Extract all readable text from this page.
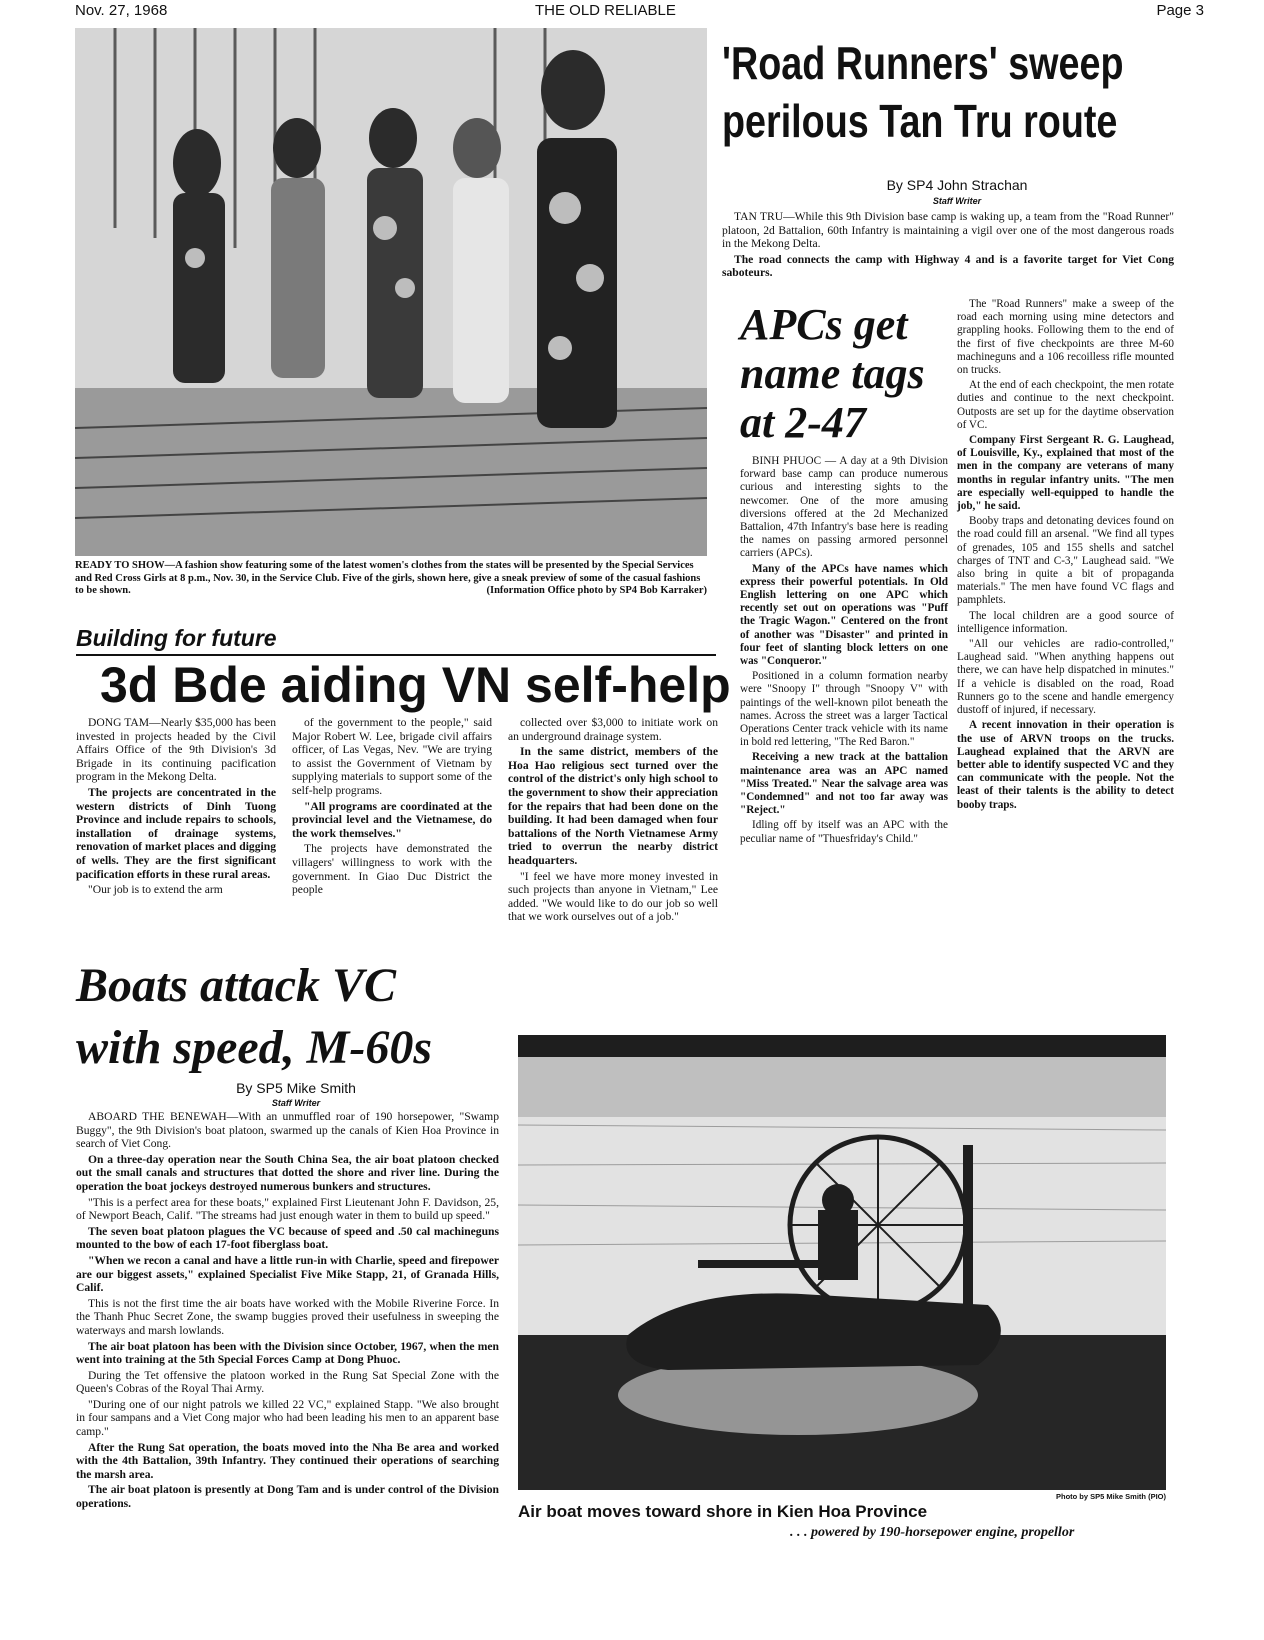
Nov. 27, 1968	THE OLD RELIABLE	Page 3
READY TO SHOW—A fashion show featuring some of the latest women's clothes from the states will be presented by the Special Services and Red Cross Girls at 8 p.m., Nov. 30, in the Service Club. Five of the girls, shown here, give a sneak preview of some of the casual fashions to be shown.	(Information Office photo by SP4 Bob Karraker)
'Road Runners' sweep
perilous Tan Tru route
By SP4 John Strachan
Staff Writer

TAN TRU—While this 9th Division base camp is waking up, a team from the "Road Runner" platoon, 2d Battalion, 60th Infantry is maintaining a vigil over one of the most dangerous roads in the Mekong Delta.

The road connects the camp with Highway 4 and is a favorite target for Viet Cong saboteurs.

The "Road Runners" make a sweep of the road each morning using mine detectors and grappling hooks. Following them to the end of the first of five checkpoints are three M-60 machineguns and a 106 recoilless rifle mounted on trucks.

At the end of each checkpoint, the men rotate duties and continue to the next checkpoint. Outposts are set up for the daytime observation of VC.

Company First Sergeant R. G. Laughead, of Louisville, Ky., explained that most of the men in the company are veterans of many months in regular infantry units. "The men are especially well-equipped to handle the job," he said.

Booby traps and detonating devices found on the road could fill an arsenal. "We find all types of grenades, 105 and 155 shells and satchel charges of TNT and C-3," Laughead said. "We also bring in quite a bit of propaganda materials." The men have found VC flags and pamphlets.

The local children are a good source of intelligence information.

"All our vehicles are radio-controlled," Laughead said. "When anything happens out there, we can have help dispatched in minutes." If a vehicle is disabled on the road, Road Runners go to the scene and handle emergency dustoff of injured, if necessary.

A recent innovation in their operation is the use of ARVN troops on the trucks. Laughead explained that the ARVN are better able to identify suspected VC and they can communicate with the people. Not the least of their talents is the ability to detect booby traps.

APCs get
name tags
at 2-47

BINH PHUOC — A day at a 9th Division forward base camp can produce numerous curious and interesting sights to the newcomer. One of the more amusing diversions offered at the 2d Mechanized Battalion, 47th Infantry's base here is reading the names on passing armored personnel carriers (APCs).

Many of the APCs have names which express their powerful potentials. In Old English lettering on one APC which recently set out on operations was "Puff the Tragic Wagon." Centered on the front of another was "Disaster" and printed in four feet of slanting block letters on one was "Conqueror."

Positioned in a column formation nearby were "Snoopy I" through "Snoopy V" with paintings of the well-known pilot beneath the names. Across the street was a larger Tactical Operations Center track vehicle with its name in bold red lettering, "The Red Baron."

Receiving a new track at the battalion maintenance area was an APC named "Miss Treated." Near the salvage area was "Condemned" and not too far away was "Reject."

Idling off by itself was an APC with the peculiar name of "Thuesfriday's Child."

Building for future
3d Bde aiding VN self-help

DONG TAM—Nearly $35,000 has been invested in projects headed by the Civil Affairs Office of the 9th Division's 3d Brigade in its continuing pacification program in the Mekong Delta.

The projects are concentrated in the western districts of Dinh Tuong Province and include repairs to schools, installation of drainage systems, renovation of market places and digging of wells. They are the first significant pacification efforts in these rural areas.

"Our job is to extend the arm

of the government to the people," said Major Robert W. Lee, brigade civil affairs officer, of Las Vegas, Nev. "We are trying to assist the Government of Vietnam by supplying materials to support some of the self-help programs.

"All programs are coordinated at the provincial level and the Vietnamese, do the work themselves."

The projects have demonstrated the villagers' willingness to work with the government. In Giao Duc District the people

collected over $3,000 to initiate work on an underground drainage system.

In the same district, members of the Hoa Hao religious sect turned over the control of the district's only high school to the government to show their appreciation for the repairs that had been done on the building. It had been damaged when four battalions of the North Vietnamese Army tried to overrun the nearby district headquarters.

"I feel we have more money invested in such projects than anyone in Vietnam," Lee added. "We would like to do our job so well that we work ourselves out of a job."

Boats attack VC
with speed, M-60s
By SP5 Mike Smith
Staff Writer

ABOARD THE BENEWAH—With an unmuffled roar of 190 horsepower, "Swamp Buggy", the 9th Division's boat platoon, swarmed up the canals of Kien Hoa Province in search of Viet Cong.

On a three-day operation near the South China Sea, the air boat platoon checked out the small canals and structures that dotted the shore and river line. During the operation the boat jockeys destroyed numerous bunkers and structures.

"This is a perfect area for these boats," explained First Lieutenant John F. Davidson, 25, of Newport Beach, Calif. "The streams had just enough water in them to build up speed."

The seven boat platoon plagues the VC because of speed and .50 cal machineguns mounted to the bow of each 17-foot fiberglass boat.

"When we recon a canal and have a little run-in with Charlie, speed and firepower are our biggest assets," explained Specialist Five Mike Stapp, 21, of Granada Hills, Calif.

This is not the first time the air boats have worked with the Mobile Riverine Force. In the Thanh Phuc Secret Zone, the swamp buggies proved their usefulness in sweeping the waterways and marsh lowlands.

The air boat platoon has been with the Division since October, 1967, when the men went into training at the 5th Special Forces Camp at Dong Phuoc.

During the Tet offensive the platoon worked in the Rung Sat Special Zone with the Queen's Cobras of the Royal Thai Army.

"During one of our night patrols we killed 22 VC," explained Stapp. "We also brought in four sampans and a Viet Cong major who had been leading his men to an apparent base camp."

After the Rung Sat operation, the boats moved into the Nha Be area and worked with the 4th Battalion, 39th Infantry. They continued their operations of searching the marsh area.

The air boat platoon is presently at Dong Tam and is under control of the Division operations.

Photo by SP5 Mike Smith (PIO)
Air boat moves toward shore in Kien Hoa Province
. . . powered by 190-horsepower engine, propellor
